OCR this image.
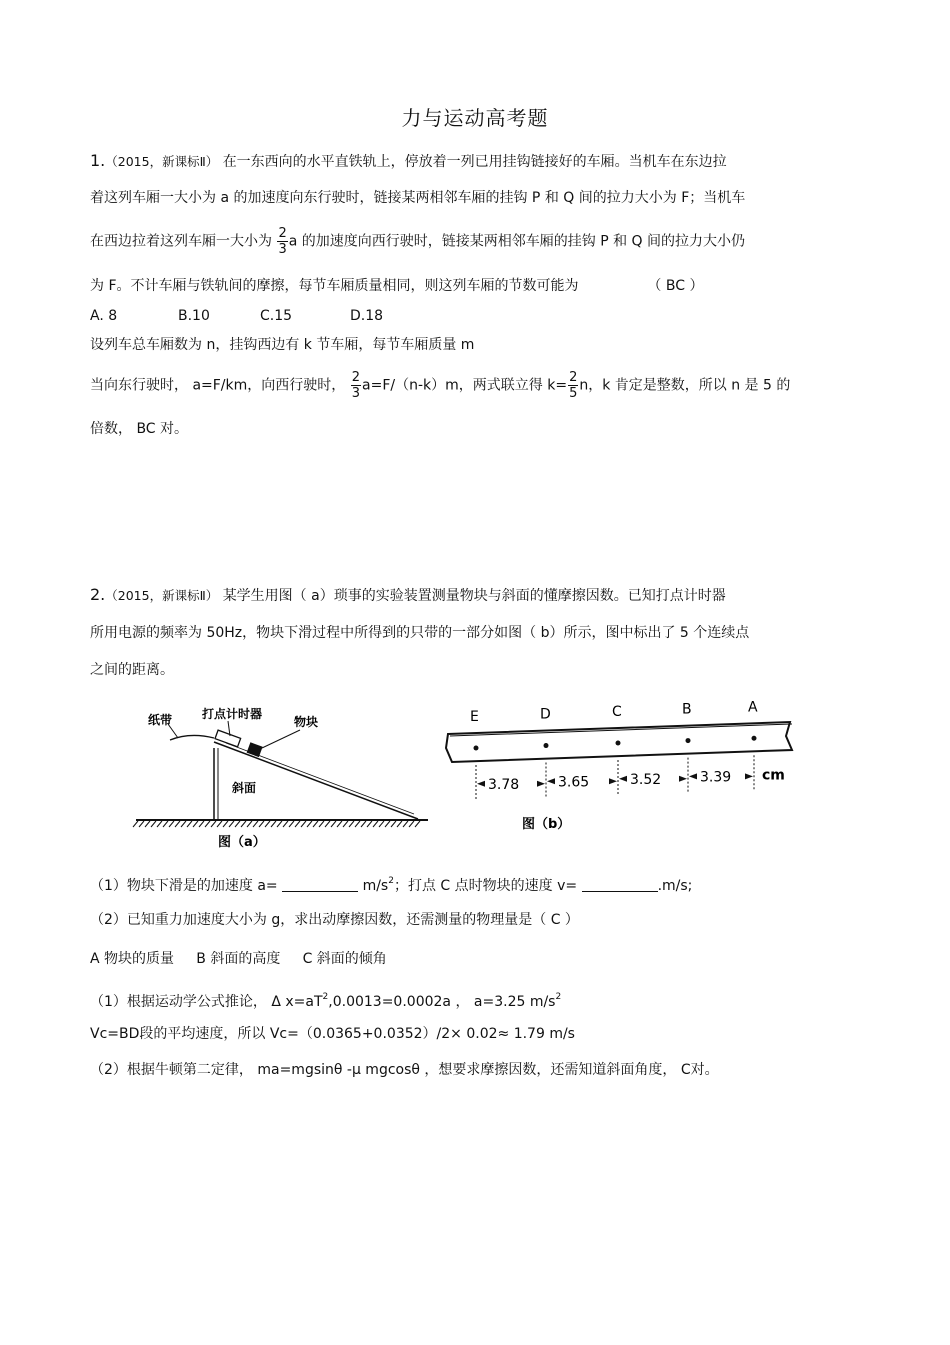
力与运动高考题
1.（2015，新课标Ⅱ） 在一东西向的水平直铁轨上，停放着一列已用挂钩链接好的车厢。当机车在东边拉
着这列车厢一大小为 a 的加速度向东行驶时，链接某两相邻车厢的挂钩 P 和 Q 间的拉力大小为 F；当机车
在西边拉着这列车厢一大小为 $\frac{2}{3}$ a 的加速度向西行驶时，链接某两相邻车厢的挂钩 P 和 Q 间的拉力大小仍
为 F。不计车厢与铁轨间的摩擦，每节车厢质量相同，则这列车厢的节数可能为	（ BC ）
A. 8	B.10	C.15	D.18
设列车总车厢数为 n，挂钩西边有 k 节车厢，每节车厢质量 m
当向东行驶时， a=F/km，向西行驶时， $\frac{2}{3} a=F/(n-k)m$，两式联立得 $k= \frac{2}{5}$ n，k 肯定是整数，所以 n 是 5 的
倍数， BC 对。
2.（2015，新课标Ⅱ） 某学生用图（ a）琐事的实验装置测量物块与斜面的懂摩擦因数。已知打点计时器
所用电源的频率为 50Hz，物块下滑过程中所得到的只带的一部分如图（ b）所示，图中标出了 5 个连续点
之间的距离。
纸带 打点计时器
物块
斜面
图（a）
E	D	C	B	A
3.78	3.65	3.52	3.39 cm
图（b）
（1）物块下滑是的加速度 a=	$m/s^2$；打点 C 点时物块的速度 v=	.m/s;
（2）已知重力加速度大小为 g，求出动摩擦因数，还需测量的物理量是（ C ）
A 物块的质量     B 斜面的高度     C 斜面的倾角
（1）根据运动学公式推论， Δ $x=aT^2,0.0013=0.0002a$ ， a=3.25 $m/s^2$
Vc=BD段的平均速度，所以 Vc=（0.0365+0.0352）/2× 0.02≈ 1.79 m/s
（2）根据牛顿第二定律， ma=mgsinθ -μ mgcosθ ，想要求摩擦因数，还需知道斜面角度， C对。
